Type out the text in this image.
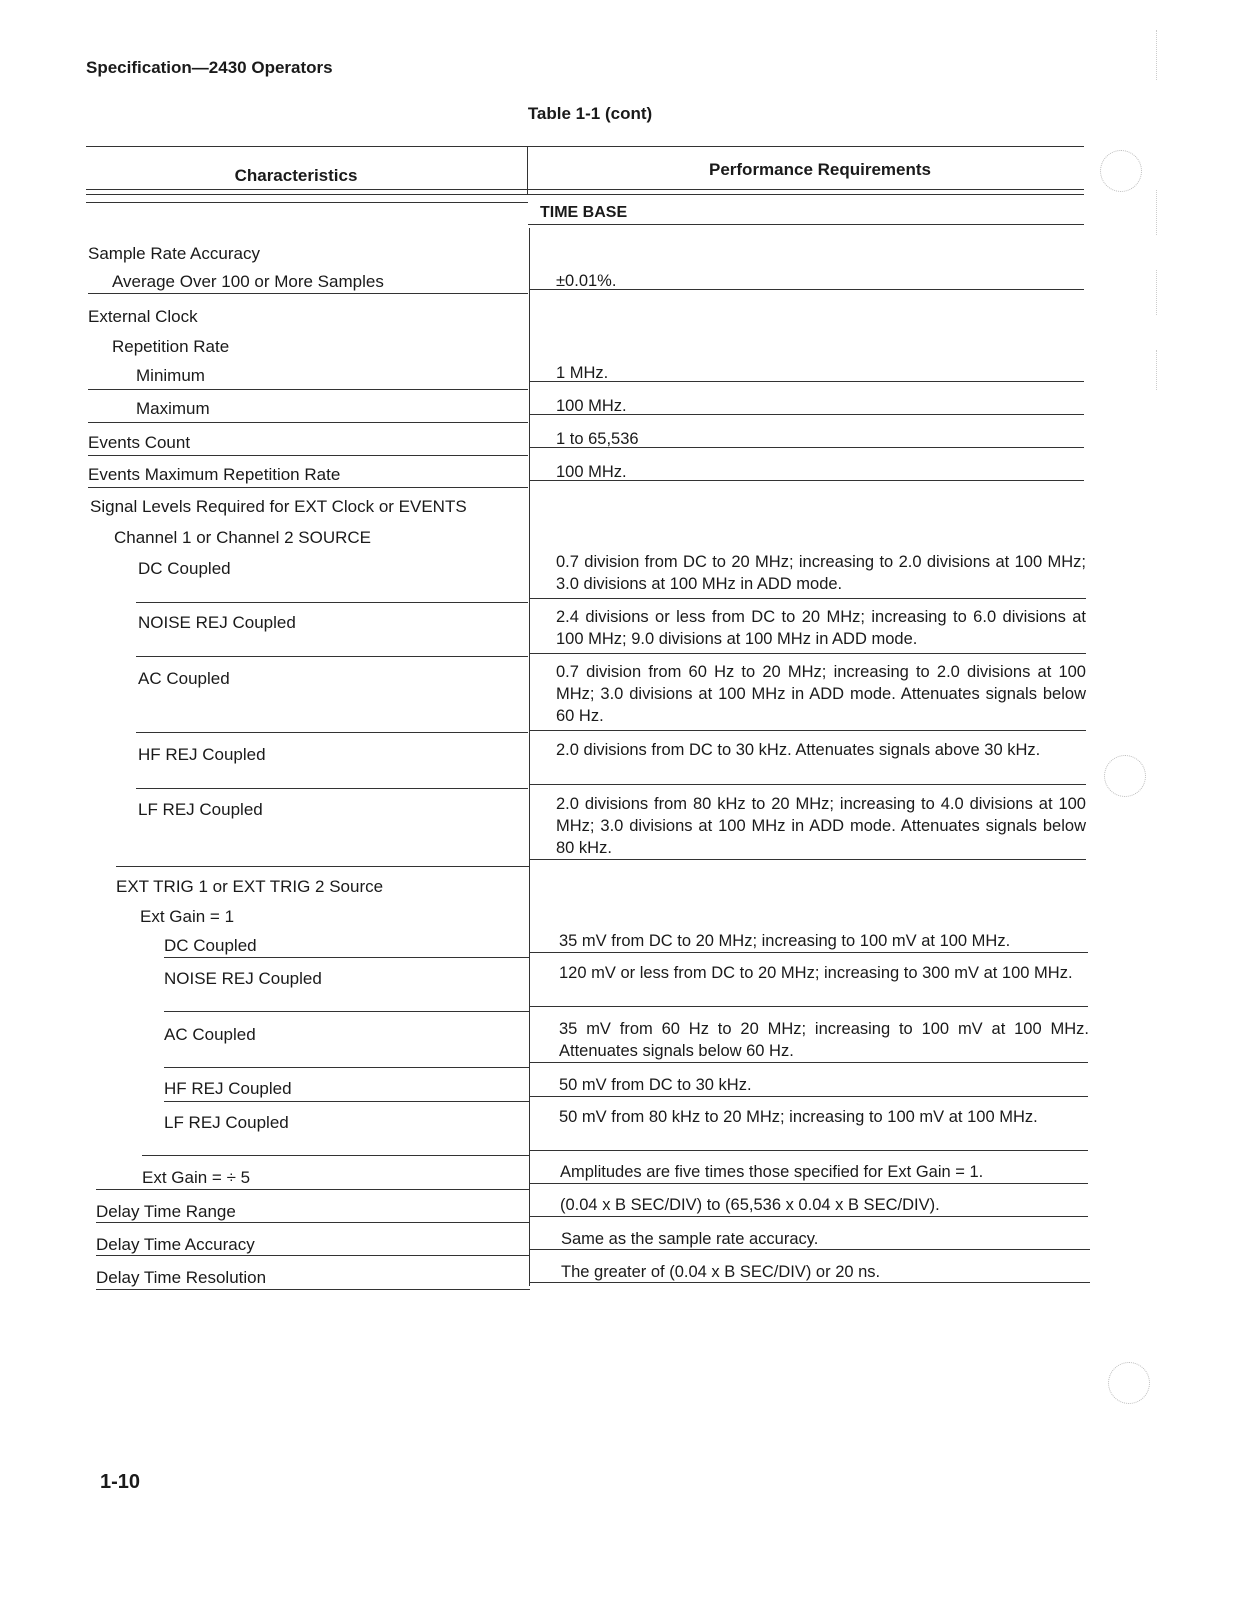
Specification—2430 Operators
Table 1-1 (cont)
Characteristics	Performance Requirements
TIME BASE
Sample Rate Accuracy
Average Over 100 or More Samples
External Clock
Repetition Rate
Minimum
Maximum
Events Count
Events Maximum Repetition Rate
Signal Levels Required for EXT Clock or EVENTS
Channel 1 or Channel 2 SOURCE
DC Coupled
NOISE REJ Coupled
AC Coupled
HF REJ Coupled
LF REJ Coupled
EXT TRIG 1 or EXT TRIG 2 Source
Ext Gain = 1
DC Coupled
NOISE REJ Coupled
AC Coupled
HF REJ Coupled
LF REJ Coupled
Ext Gain = ÷ 5
Delay Time Range
Delay Time Accuracy
Delay Time Resolution
±0.01%.
1 MHz.
100 MHz.
1 to 65,536
100 MHz.
0.7 division from DC to 20 MHz; increasing to 2.0 divisions at 100 MHz; 3.0 divisions at 100 MHz in ADD mode.
2.4 divisions or less from DC to 20 MHz; increasing to 6.0 divisions at 100 MHz; 9.0 divisions at 100 MHz in ADD mode.
0.7 division from 60 Hz to 20 MHz; increasing to 2.0 divisions at 100 MHz; 3.0 divisions at 100 MHz in ADD mode. Attenuates signals below 60 Hz.
2.0 divisions from DC to 30 kHz. Attenuates signals above 30 kHz.
2.0 divisions from 80 kHz to 20 MHz; increasing to 4.0 divisions at 100 MHz; 3.0 divisions at 100 MHz in ADD mode. Attenuates signals below 80 kHz.
35 mV from DC to 20 MHz; increasing to 100 mV at 100 MHz.
120 mV or less from DC to 20 MHz; increasing to 300 mV at 100 MHz.
35 mV from 60 Hz to 20 MHz; increasing to 100 mV at 100 MHz. Attenuates signals below 60 Hz.
50 mV from DC to 30 kHz.
50 mV from 80 kHz to 20 MHz; increasing to 100 mV at 100 MHz.
Amplitudes are five times those specified for Ext Gain = 1.
(0.04 x B SEC/DIV) to (65,536 x 0.04 x B SEC/DIV).
Same as the sample rate accuracy.
The greater of (0.04 x B SEC/DIV) or 20 ns.
1-10
